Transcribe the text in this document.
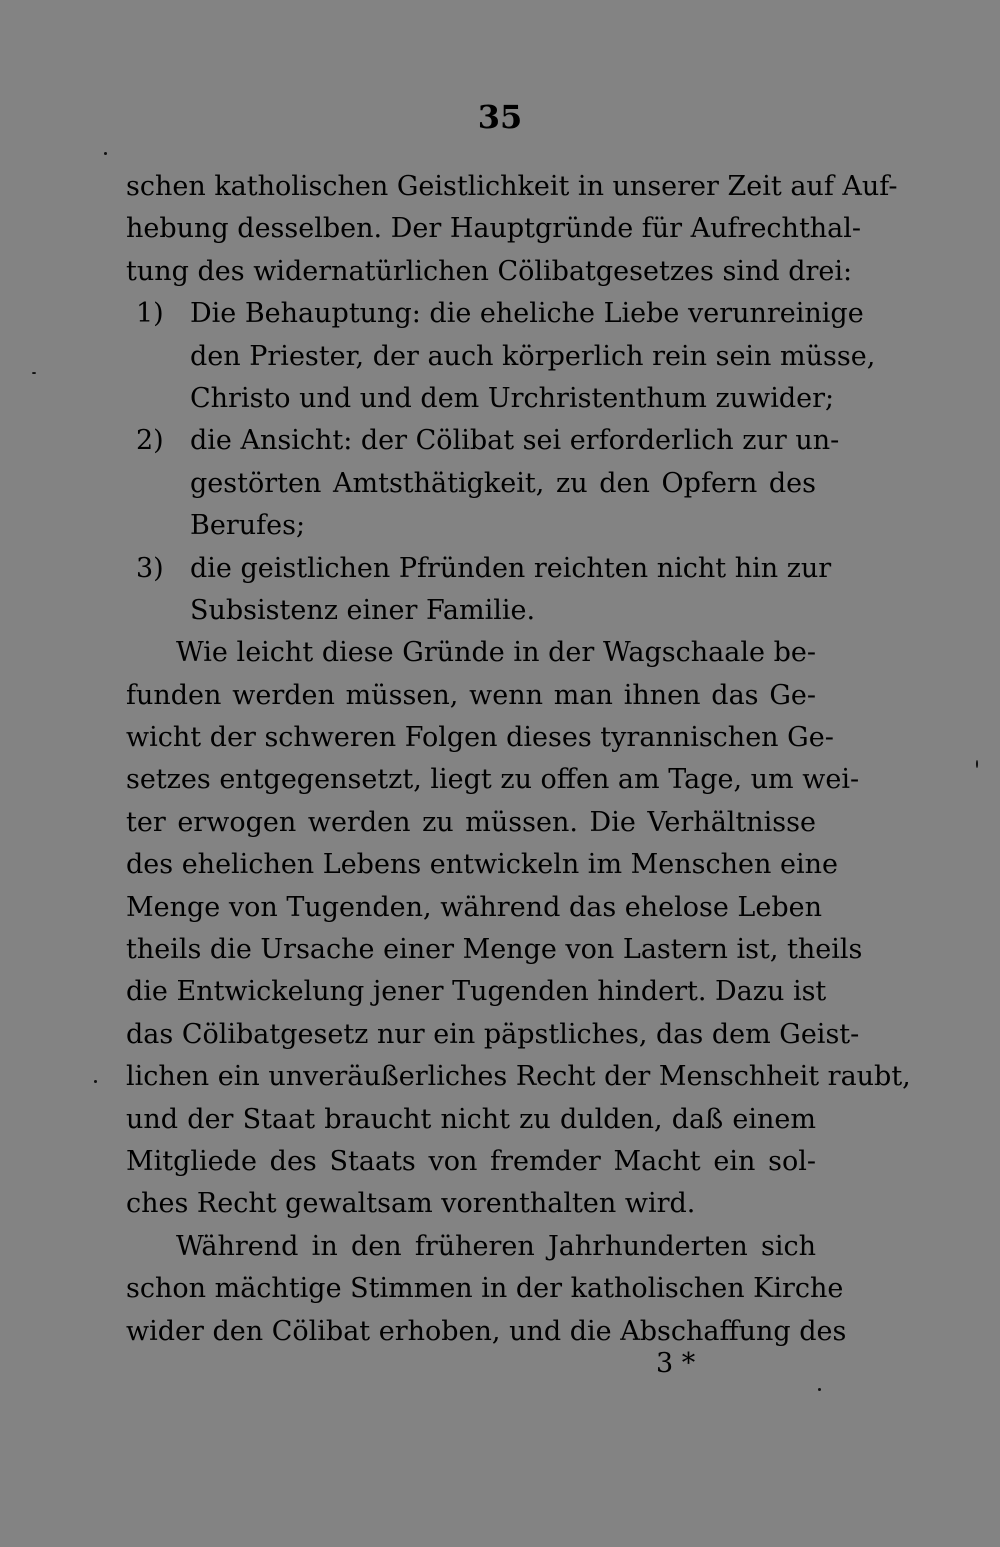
35
schen katholischen Geistlichkeit in unserer Zeit auf Auf-
hebung desselben. Der Hauptgründe für Aufrechthal-
tung des widernatürlichen Cölibatgesetzes sind drei:
1) Die Behauptung: die eheliche Liebe verunreinige
den Priester, der auch körperlich rein sein müsse,
Christo und und dem Urchristenthum zuwider;
2) die Ansicht: der Cölibat sei erforderlich zur un-
gestörten Amtsthätigkeit, zu den Opfern des
Berufes;
3) die geistlichen Pfründen reichten nicht hin zur
Subsistenz einer Familie.
Wie leicht diese Gründe in der Wagschaale be-
funden werden müssen, wenn man ihnen das Ge-
wicht der schweren Folgen dieses tyrannischen Ge-
setzes entgegensetzt, liegt zu offen am Tage, um wei-
ter erwogen werden zu müssen. Die Verhältnisse
des ehelichen Lebens entwickeln im Menschen eine
Menge von Tugenden, während das ehelose Leben
theils die Ursache einer Menge von Lastern ist, theils
die Entwickelung jener Tugenden hindert. Dazu ist
das Cölibatgesetz nur ein päpstliches, das dem Geist-
lichen ein unveräußerliches Recht der Menschheit raubt,
und der Staat braucht nicht zu dulden, daß einem
Mitgliede des Staats von fremder Macht ein sol-
ches Recht gewaltsam vorenthalten wird.
Während in den früheren Jahrhunderten sich
schon mächtige Stimmen in der katholischen Kirche
wider den Cölibat erhoben, und die Abschaffung des
3 *
